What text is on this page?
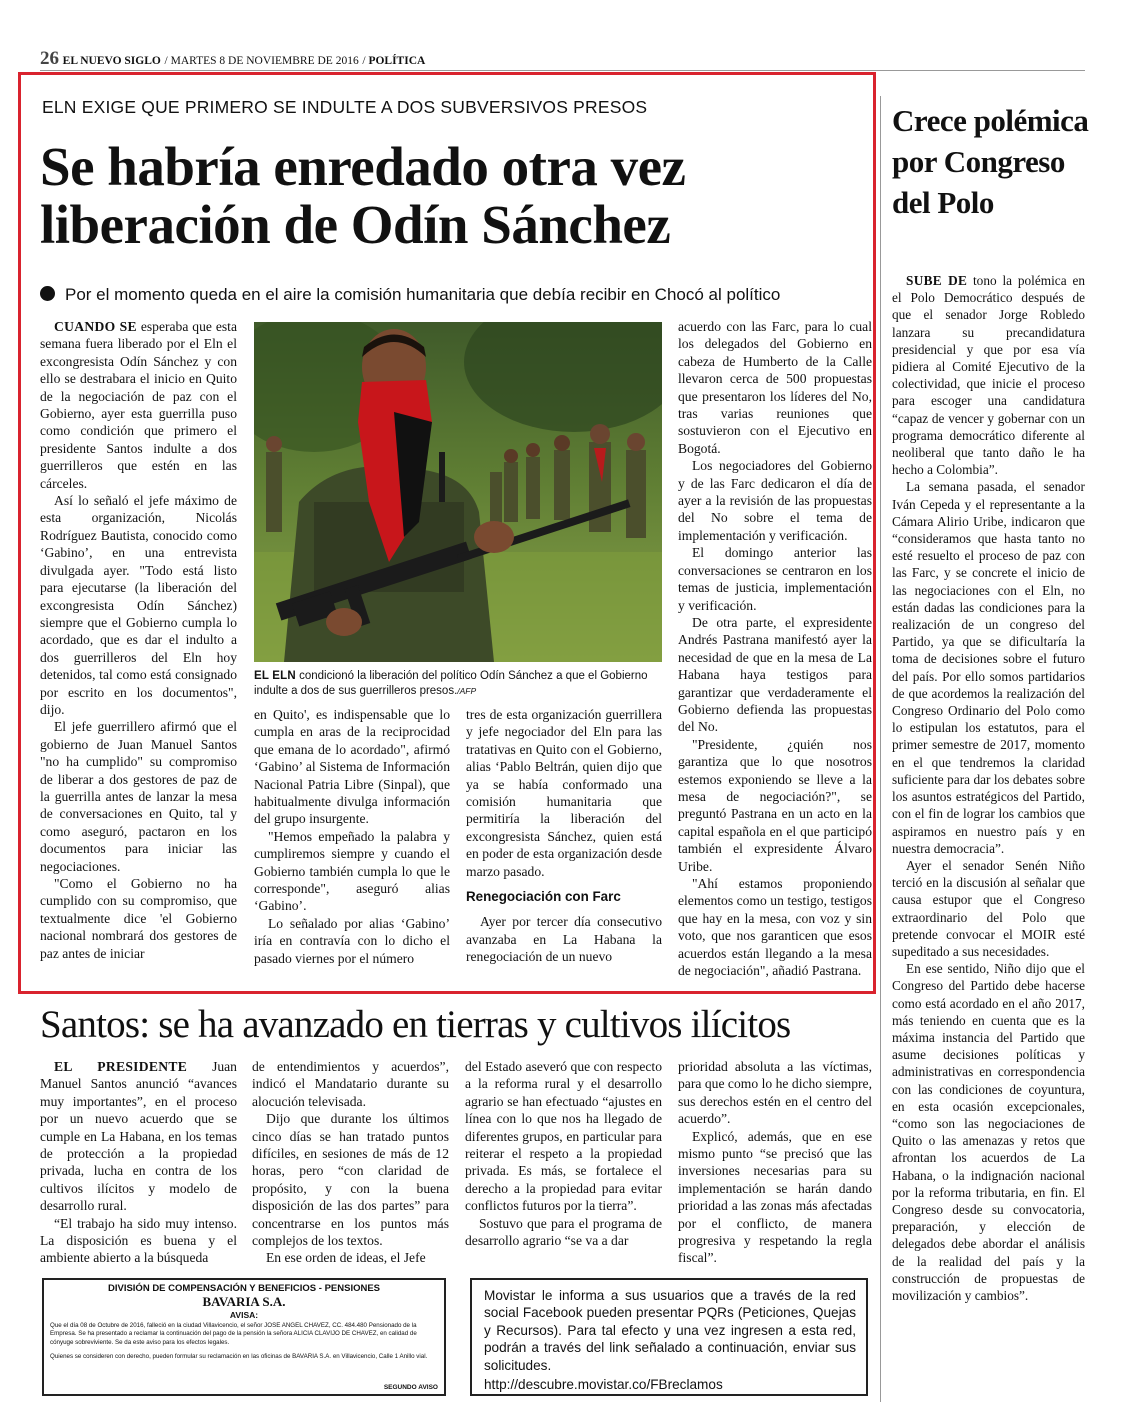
26 EL NUEVO SIGLO / MARTES 8 DE NOVIEMBRE DE 2016 / POLÍTICA
ELN EXIGE QUE PRIMERO SE INDULTE A DOS SUBVERSIVOS PRESOS
Se habría enredado otra vez
liberación de Odín Sánchez
Por el momento queda en el aire la comisión humanitaria que debía recibir en Chocó al político

CUANDO SE esperaba que esta semana fuera liberado por el Eln el excongresista Odín Sánchez y con ello se destrabara el inicio en Quito de la negociación de paz con el Gobierno, ayer esta guerrilla puso como condición que primero el presidente Santos indulte a dos guerrilleros que estén en las cárceles.

Así lo señaló el jefe máximo de esta organización, Nicolás Rodríguez Bautista, conocido como ‘Gabino’, en una entrevista divulgada ayer. "Todo está listo para ejecutarse (la liberación del excongresista Odín Sánchez) siempre que el Gobierno cumpla lo acordado, que es dar el indulto a dos guerrilleros del Eln hoy detenidos, tal como está consignado por escrito en los documentos", dijo.

El jefe guerrillero afirmó que el gobierno de Juan Manuel Santos "no ha cumplido" su compromiso de liberar a dos gestores de paz de la guerrilla antes de lanzar la mesa de conversaciones en Quito, tal y como aseguró, pactaron en los documentos para iniciar las negociaciones.

"Como el Gobierno no ha cumplido con su compromiso, que textualmente dice 'el Gobierno nacional nombrará dos gestores de paz antes de iniciar

EL ELN condicionó la liberación del político Odín Sánchez a que el Gobierno indulte a dos de sus guerrilleros presos./AFP

en Quito', es indispensable que lo cumpla en aras de la reciprocidad que emana de lo acordado", afirmó ‘Gabino’ al Sistema de Información Nacional Patria Libre (Sinpal), que habitualmente divulga información del grupo insurgente.

"Hemos empeñado la palabra y cumpliremos siempre y cuando el Gobierno también cumpla lo que le corresponde", aseguró alias ‘Gabino’.

Lo señalado por alias ‘Gabino’ iría en contravía con lo dicho el pasado viernes por el número

tres de esta organización guerrillera y jefe negociador del Eln para las tratativas en Quito con el Gobierno, alias ‘Pablo Beltrán, quien dijo que ya se había conformado una comisión humanitaria que permitiría la liberación del excongresista Sánchez, quien está en poder de esta organización desde marzo pasado.

Renegociación con Farc

Ayer por tercer día consecutivo avanzaba en La Habana la renegociación de un nuevo

acuerdo con las Farc, para lo cual los delegados del Gobierno en cabeza de Humberto de la Calle llevaron cerca de 500 propuestas que presentaron los líderes del No, tras varias reuniones que sostuvieron con el Ejecutivo en Bogotá.

Los negociadores del Gobierno y de las Farc dedicaron el día de ayer a la revisión de las propuestas del No sobre el tema de implementación y verificación.

El domingo anterior las conversaciones se centraron en los temas de justicia, implementación y verificación.

De otra parte, el expresidente Andrés Pastrana manifestó ayer la necesidad de que en la mesa de La Habana haya testigos para garantizar que verdaderamente el Gobierno defienda las propuestas del No.

"Presidente, ¿quién nos garantiza que lo que nosotros estemos exponiendo se lleve a la mesa de negociación?", se preguntó Pastrana en un acto en la capital española en el que participó también el expresidente Álvaro Uribe.

"Ahí estamos proponiendo elementos como un testigo, testigos que hay en la mesa, con voz y sin voto, que nos garanticen que esos acuerdos están llegando a la mesa de negociación", añadió Pastrana.

Crece polémica por Congreso del Polo

SUBE DE tono la polémica en el Polo Democrático después de que el senador Jorge Robledo lanzara su precandidatura presidencial y que por esa vía pidiera al Comité Ejecutivo de la colectividad, que inicie el proceso para escoger una candidatura “capaz de vencer y gobernar con un programa democrático diferente al neoliberal que tanto daño le ha hecho a Colombia”.

La semana pasada, el senador Iván Cepeda y el representante a la Cámara Alirio Uribe, indicaron que “consideramos que hasta tanto no esté resuelto el proceso de paz con las Farc, y se concrete el inicio de las negociaciones con el Eln, no están dadas las condiciones para la realización de un congreso del Partido, ya que se dificultaría la toma de decisiones sobre el futuro del país. Por ello somos partidarios de que acordemos la realización del Congreso Ordinario del Polo como lo estipulan los estatutos, para el primer semestre de 2017, momento en el que tendremos la claridad suficiente para dar los debates sobre los asuntos estratégicos del Partido, con el fin de lograr los cambios que aspiramos en nuestro país y en nuestra democracia”.

Ayer el senador Senén Niño terció en la discusión al señalar que causa estupor que el Congreso extraordinario del Polo que pretende convocar el MOIR esté supeditado a sus necesidades.

En ese sentido, Niño dijo que el Congreso del Partido debe hacerse como está acordado en el año 2017, más teniendo en cuenta que es la máxima instancia del Partido que asume decisiones políticas y administrativas en correspondencia con las condiciones de coyuntura, en esta ocasión excepcionales, “como son las negociaciones de Quito o las amenazas y retos que afrontan los acuerdos de La Habana, o la indignación nacional por la reforma tributaria, en fin. El Congreso desde su convocatoria, preparación, y elección de delegados debe abordar el análisis de la realidad del país y la construcción de propuestas de movilización y cambios”.

Santos: se ha avanzado en tierras y cultivos ilícitos

EL PRESIDENTE Juan Manuel Santos anunció “avances muy importantes”, en el proceso por un nuevo acuerdo que se cumple en La Habana, en los temas de protección a la propiedad privada, lucha en contra de los cultivos ilícitos y modelo de desarrollo rural.

“El trabajo ha sido muy intenso. La disposición es buena y el ambiente abierto a la búsqueda

de entendimientos y acuerdos”, indicó el Mandatario durante su alocución televisada.

Dijo que durante los últimos cinco días se han tratado puntos difíciles, en sesiones de más de 12 horas, pero “con claridad de propósito, y con la buena disposición de las dos partes” para concentrarse en los puntos más complejos de los textos.

En ese orden de ideas, el Jefe

del Estado aseveró que con respecto a la reforma rural y el desarrollo agrario se han efectuado “ajustes en línea con lo que nos ha llegado de diferentes grupos, en particular para reiterar el respeto a la propiedad privada. Es más, se fortalece el derecho a la propiedad para evitar conflictos futuros por la tierra”.

Sostuvo que para el programa de desarrollo agrario “se va a dar

prioridad absoluta a las víctimas, para que como lo he dicho siempre, sus derechos estén en el centro del acuerdo”.

Explicó, además, que en ese mismo punto “se precisó que las inversiones necesarias para su implementación se harán dando prioridad a las zonas más afectadas por el conflicto, de manera progresiva y respetando la regla fiscal”.

DIVISIÓN DE COMPENSACIÓN Y BENEFICIOS - PENSIONES
BAVARIA S.A.
AVISA:
Que el día 08 de Octubre de 2016, falleció en la ciudad Villavicencio, el señor JOSE ANGEL CHAVEZ, CC. 484.480 Pensionado de la Empresa. Se ha presentado a reclamar la continuación del pago de la pensión la señora ALICIA CLAVIJO DE CHAVEZ, en calidad de cónyuge sobreviviente. Se da este aviso para los efectos legales.
Quienes se consideren con derecho, pueden formular su reclamación en las oficinas de BAVARIA S.A. en Villavicencio, Calle 1 Anillo vial.
SEGUNDO AVISO
Movistar le informa a sus usuarios que a través de la red social Facebook pueden presentar PQRs (Peticiones, Quejas y Recursos). Para tal efecto y una vez ingresen a esta red, podrán a través del link señalado a continuación, enviar sus solicitudes.
http://descubre.movistar.co/FBreclamos
